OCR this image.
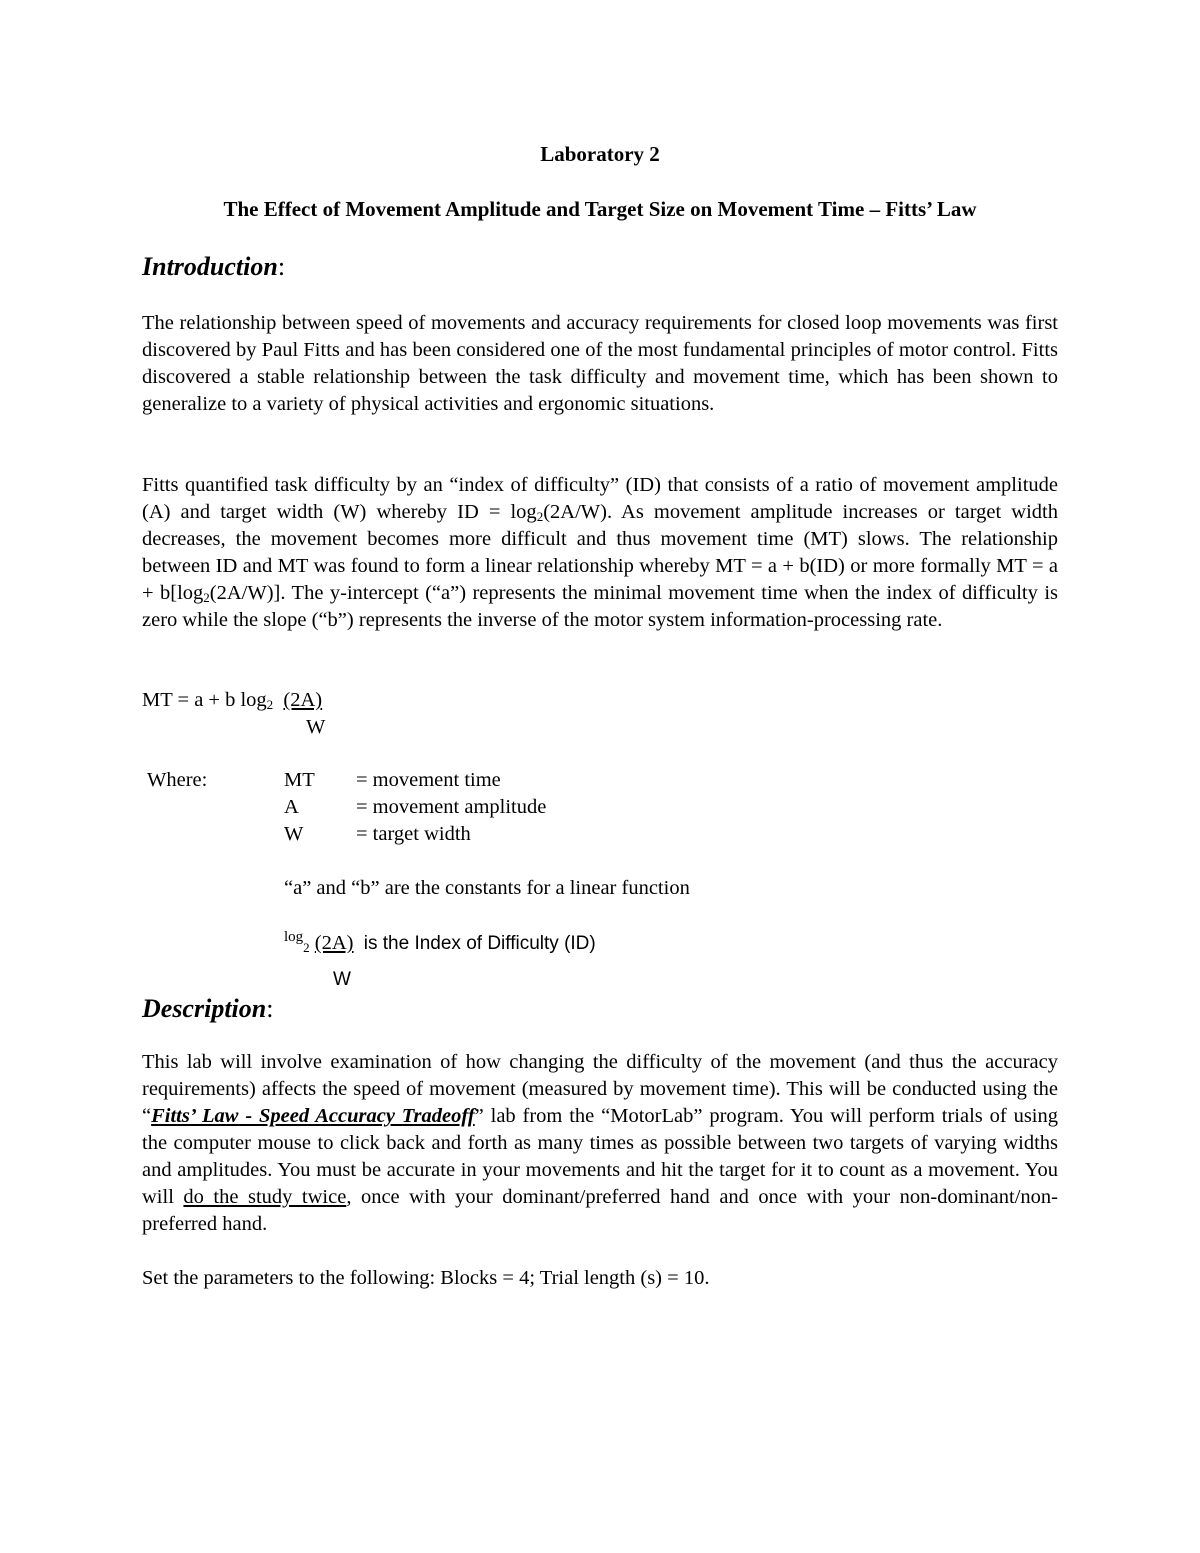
Laboratory 2
The Effect of Movement Amplitude and Target Size on Movement Time – Fitts’ Law
Introduction:

The relationship between speed of movements and accuracy requirements for closed loop movements was first discovered by Paul Fitts and has been considered one of the most fundamental principles of motor control. Fitts discovered a stable relationship between the task difficulty and movement time, which has been shown to generalize to a variety of physical activities and ergonomic situations.

Fitts quantified task difficulty by an “index of difficulty” (ID) that consists of a ratio of movement amplitude (A) and target width (W) whereby ID = $\log_2(2A/W)$. As movement amplitude increases or target width decreases, the movement becomes more difficult and thus movement time (MT) slows. The relationship between ID and MT was found to form a linear relationship whereby MT = a + b(ID) or more formally MT = $a + b[\log_2(2A/W)]$. The y-intercept (“a”) represents the minimal movement time when the index of difficulty is zero while the slope (“b”) represents the inverse of the motor system information-processing rate.

MT = a + b $\log_2 (2A)$
W
Where:	MT = movement time
A	= movement amplitude
W	= target width
“a” and “b” are the constants for a linear function
$^{log}_2$ (2A) is the Index of Difficulty (ID)
W
Description:

This lab will involve examination of how changing the difficulty of the movement (and thus the accuracy requirements) affects the speed of movement (measured by movement time). This will be conducted using the “Fitts’ Law - Speed Accuracy Tradeoff” lab from the “MotorLab” program. You will perform trials of using the computer mouse to click back and forth as many times as possible between two targets of varying widths and amplitudes. You must be accurate in your movements and hit the target for it to count as a movement. You will do the study twice, once with your dominant/preferred hand and once with your non-dominant/non-preferred hand.

Set the parameters to the following: Blocks = 4; Trial length (s) = 10.
